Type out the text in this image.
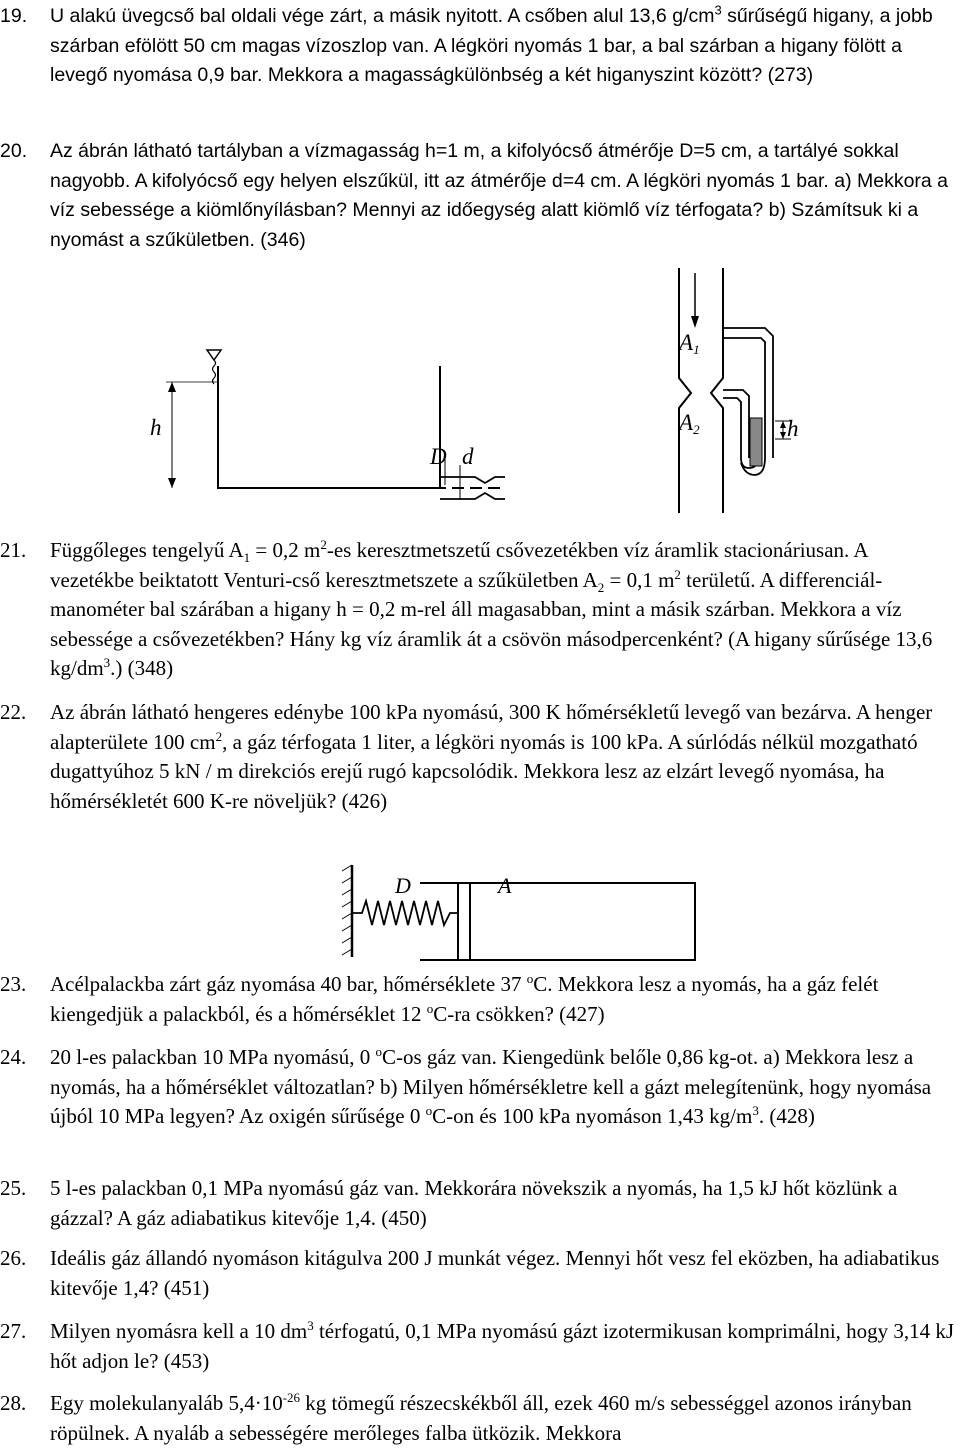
19. U alakú üvegcső bal oldali vége zárt, a másik nyitott. A csőben alul 13,6 $g/cm^3$ sűrűségű higany, a jobb szárban efölött 50 cm magas vízoszlop van. A légköri nyomás 1 bar, a bal szárban a higany fölött a levegő nyomása 0,9 bar. Mekkora a magasságkülönbség a két higanyszint között? (273)
20. Az ábrán látható tartályban a vízmagasság h=1 m, a kifolyócső átmérője D=5 cm, a tartályé sokkal nagyobb. A kifolyócső egy helyen elszűkül, itt az átmérője d=4 cm. A légköri nyomás 1 bar. a) Mekkora a víz sebessége a kiömlőnyílásban? Mennyi az időegység alatt kiömlő víz térfogata? b) Számítsuk ki a nyomást a szűkületben. (346)
h
D d
A1
A2	h
21. Függőleges tengelyű $A_1 = 0,2$ $m^2-es$ keresztmetszetű csővezetékben víz áramlik stacionáriusan. A vezetékbe beiktatott Venturi-cső keresztmetszete a szűkületben $A_2 = 0,1$ $m^2$ területű. A differenciál-manométer bal szárában a higany h = 0,2 m-rel áll magasabban, mint a másik szárban. Mekkora a víz sebessége a csővezetékben? Hány kg víz áramlik át a csövön másodpercenként? (A higany sűrűsége 13,6 $kg/dm^3$.) (348)
22. Az ábrán látható hengeres edénybe 100 kPa nyomású, 300 K hőmérsékletű levegő van bezárva. A henger alapterülete 100 $cm^2$, a gáz térfogata 1 liter, a légköri nyomás is 100 kPa. A súrlódás nélkül mozgatható dugattyúhoz 5 kN / m direkciós erejű rugó kapcsolódik. Mekkora lesz az elzárt levegő nyomása, ha hőmérsékletét 600 K-re növeljük? (426)
D	A
23. Acélpalackba zárt gáz nyomása 40 bar, hőmérséklete 37 $^o$C. Mekkora lesz a nyomás, ha a gáz felét kiengedjük a palackból, és a hőmérséklet 12 $^o$C-ra csökken? (427)
24. 20 l-es palackban 10 MPa nyomású, 0 $^o$C-os gáz van. Kiengedünk belőle 0,86 kg-ot. a) Mekkora lesz a nyomás, ha a hőmérséklet változatlan? b) Milyen hőmérsékletre kell a gázt melegítenünk, hogy nyomása újból 10 MPa legyen? Az oxigén sűrűsége 0 $^o$C-on és 100 kPa nyomáson 1,43 $kg/m^3$. (428)
25. 5 l-es palackban 0,1 MPa nyomású gáz van. Mekkorára növekszik a nyomás, ha 1,5 kJ hőt közlünk a gázzal? A gáz adiabatikus kitevője 1,4. (450)
26. Ideális gáz állandó nyomáson kitágulva 200 J munkát végez. Mennyi hőt vesz fel eközben, ha adiabatikus kitevője 1,4? (451)
27. Milyen nyomásra kell a 10 $dm^3$ térfogatú, 0,1 MPa nyomású gázt izotermikusan komprimálni, hogy 3,14 kJ hőt adjon le? (453)
28. Egy molekulanyaláb $5,4\cdot 10^{-26}$ kg tömegű részecskékből áll, ezek 460 m/s sebességgel azonos irányban röpülnek. A nyaláb a sebességére merőleges falba ütközik. Mekkora
